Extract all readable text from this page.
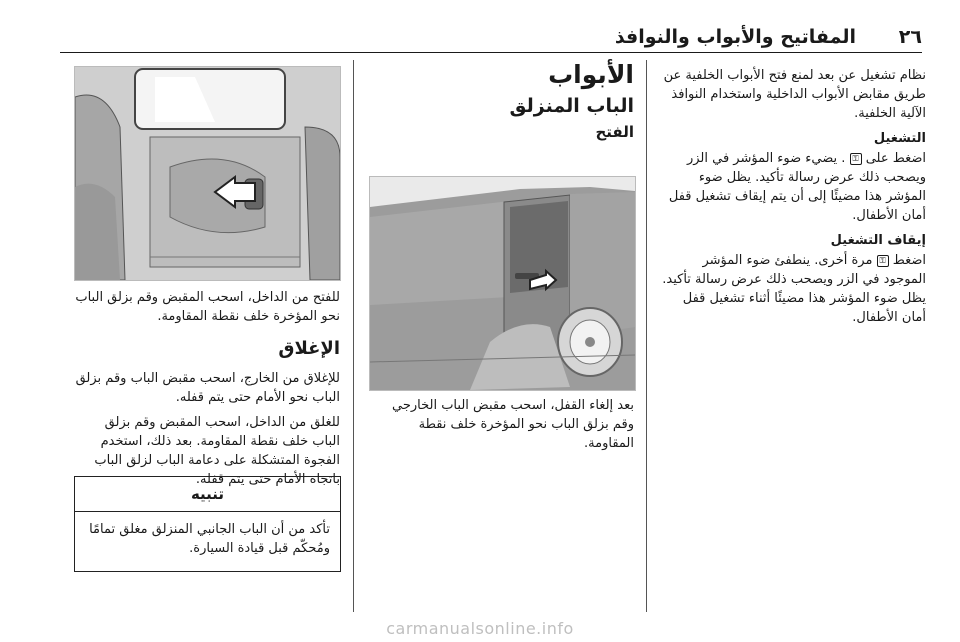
٢٦
المفاتيح والأبواب والنوافذ

نظام تشغيل عن بعد لمنع فتح الأبواب الخلفية عن طريق مقابض الأبواب الداخلية واستخدام النوافذ الآلية الخلفية.

التشغيل

اضغط على ⚿ . يضيء ضوء المؤشر في الزر ويصحب ذلك عرض رسالة تأكيد. يظل ضوء المؤشر هذا مضيئًا إلى أن يتم إيقاف تشغيل قفل أمان الأطفال.

إيقاف التشغيل

اضغط ⚿ مرة أخرى. ينطفئ ضوء المؤشر الموجود في الزر ويصحب ذلك عرض رسالة تأكيد. يظل ضوء المؤشر هذا مضيئًا أثناء تشغيل قفل أمان الأطفال.

الأبواب
الباب المنزلق
الفتح

بعد إلغاء القفل، اسحب مقبض الباب الخارجي وقم بزلق الباب نحو المؤخرة خلف نقطة المقاومة.

للفتح من الداخل، اسحب المقبض وقم بزلق الباب نحو المؤخرة خلف نقطة المقاومة.

الإغلاق

للإغلاق من الخارج، اسحب مقبض الباب وقم بزلق الباب نحو الأمام حتى يتم قفله.

للغلق من الداخل، اسحب المقبض وقم بزلق الباب خلف نقطة المقاومة. بعد ذلك، استخدم الفجوة المتشكلة على دعامة الباب لزلق الباب باتجاه الأمام حتى يتم قفله.

تنبيه
تأكد من أن الباب الجانبي المنزلق مغلق تمامًا ومُحكّم قبل قيادة السيارة.
carmanualsonline.info
